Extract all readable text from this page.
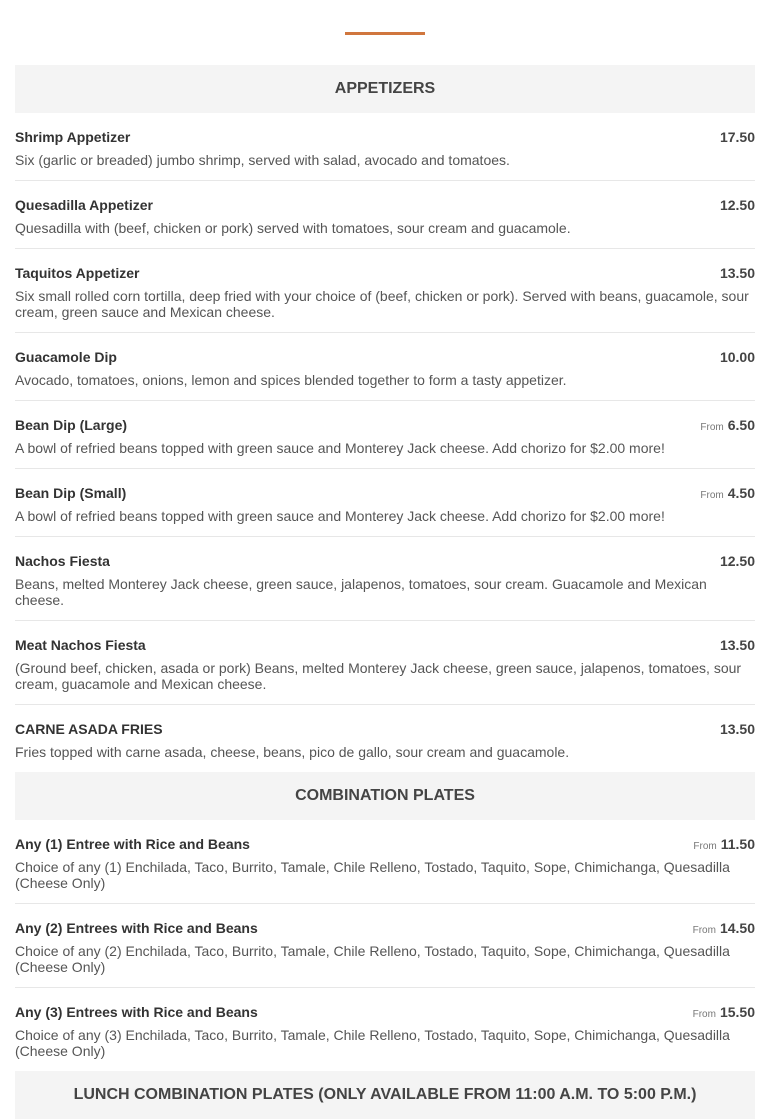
APPETIZERS
Shrimp Appetizer	17.50
Six (garlic or breaded) jumbo shrimp, served with salad, avocado and tomatoes.
Quesadilla Appetizer	12.50
Quesadilla with (beef, chicken or pork) served with tomatoes, sour cream and guacamole.
Taquitos Appetizer	13.50
Six small rolled corn tortilla, deep fried with your choice of (beef, chicken or pork). Served with beans, guacamole, sour cream, green sauce and Mexican cheese.
Guacamole Dip	10.00
Avocado, tomatoes, onions, lemon and spices blended together to form a tasty appetizer.
Bean Dip (Large)	From 6.50
A bowl of refried beans topped with green sauce and Monterey Jack cheese. Add chorizo for $2.00 more!
Bean Dip (Small)	From 4.50
A bowl of refried beans topped with green sauce and Monterey Jack cheese. Add chorizo for $2.00 more!
Nachos Fiesta	12.50
Beans, melted Monterey Jack cheese, green sauce, jalapenos, tomatoes, sour cream. Guacamole and Mexican cheese.
Meat Nachos Fiesta	13.50
(Ground beef, chicken, asada or pork) Beans, melted Monterey Jack cheese, green sauce, jalapenos, tomatoes, sour cream, guacamole and Mexican cheese.
CARNE ASADA FRIES	13.50
Fries topped with carne asada, cheese, beans, pico de gallo, sour cream and guacamole.
COMBINATION PLATES
Any (1) Entree with Rice and Beans	From 11.50
Choice of any (1) Enchilada, Taco, Burrito, Tamale, Chile Relleno, Tostado, Taquito, Sope, Chimichanga, Quesadilla (Cheese Only)
Any (2) Entrees with Rice and Beans	From 14.50
Choice of any (2) Enchilada, Taco, Burrito, Tamale, Chile Relleno, Tostado, Taquito, Sope, Chimichanga, Quesadilla (Cheese Only)
Any (3) Entrees with Rice and Beans	From 15.50
Choice of any (3) Enchilada, Taco, Burrito, Tamale, Chile Relleno, Tostado, Taquito, Sope, Chimichanga, Quesadilla (Cheese Only)
LUNCH COMBINATION PLATES (ONLY AVAILABLE FROM 11:00 A.M. TO 5:00 P.M.)
